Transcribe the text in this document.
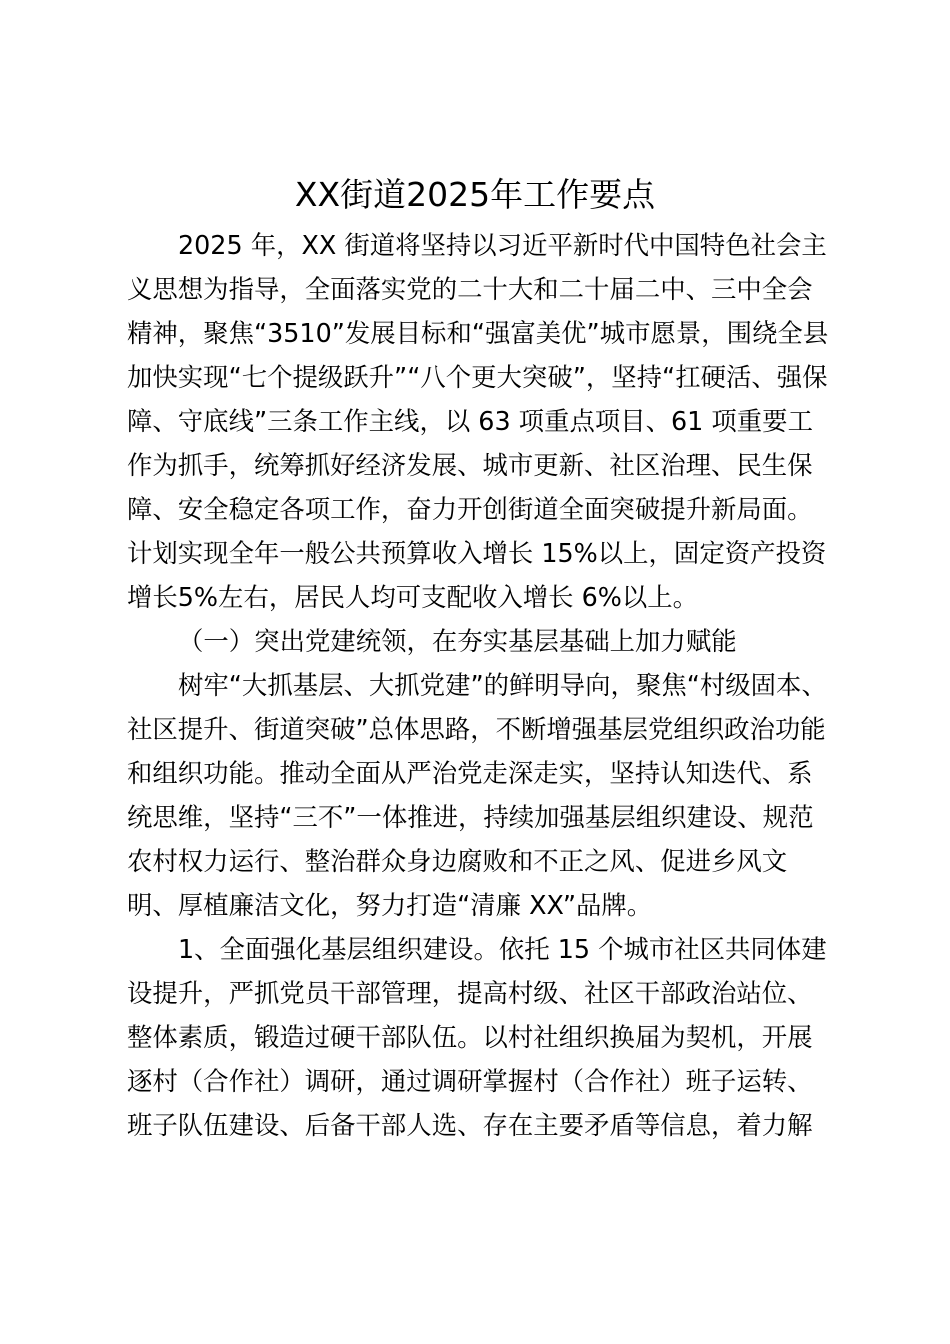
XX街道2025年工作要点
2025 年，XX 街道将坚持以习近平新时代中国特色社会主
义思想为指导，全面落实党的二十大和二十届二中、三中全会
精神，聚焦“3510”发展目标和“强富美优”城市愿景，围绕全县
加快实现“七个提级跃升”“八个更大突破”，坚持“扛硬活、强保
障、守底线”三条工作主线，以 63 项重点项目、61 项重要工
作为抓手，统筹抓好经济发展、城市更新、社区治理、民生保
障、安全稳定各项工作，奋力开创街道全面突破提升新局面。
计划实现全年一般公共预算收入增长 15%以上，固定资产投资
增长5%左右，居民人均可支配收入增长 6%以上。
（一）突出党建统领，在夯实基层基础上加力赋能
树牢“大抓基层、大抓党建”的鲜明导向，聚焦“村级固本、
社区提升、街道突破”总体思路，不断增强基层党组织政治功能
和组织功能。推动全面从严治党走深走实，坚持认知迭代、系
统思维，坚持“三不”一体推进，持续加强基层组织建设、规范
农村权力运行、整治群众身边腐败和不正之风、促进乡风文
明、厚植廉洁文化，努力打造“清廉 XX”品牌。
1、全面强化基层组织建设。依托 15 个城市社区共同体建
设提升，严抓党员干部管理，提高村级、社区干部政治站位、
整体素质，锻造过硬干部队伍。以村社组织换届为契机，开展
逐村（合作社）调研，通过调研掌握村（合作社）班子运转、
班子队伍建设、后备干部人选、存在主要矛盾等信息，着力解
